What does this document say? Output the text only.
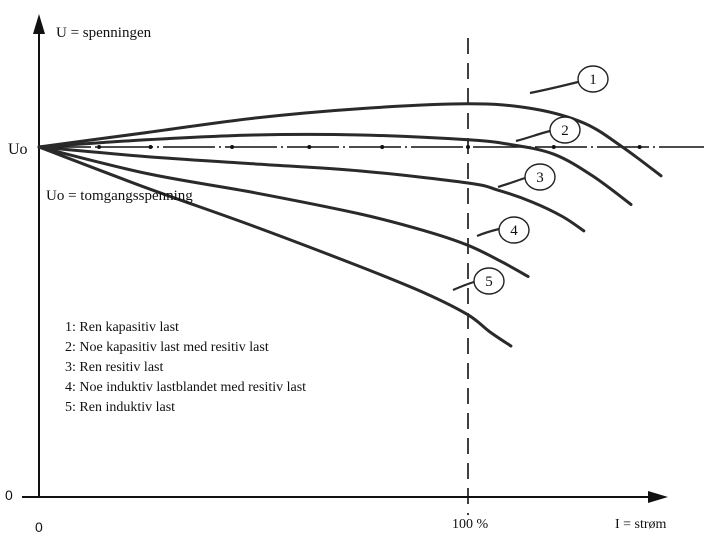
1
2
3
4
5
U = spenningen
Uo
Uo = tomgangsspenning
0
0	100 %	I = strøm
1: Ren kapasitiv last
2: Noe kapasitiv last med resitiv last
3: Ren resitiv last
4: Noe induktiv lastblandet med resitiv last
5: Ren induktiv last
